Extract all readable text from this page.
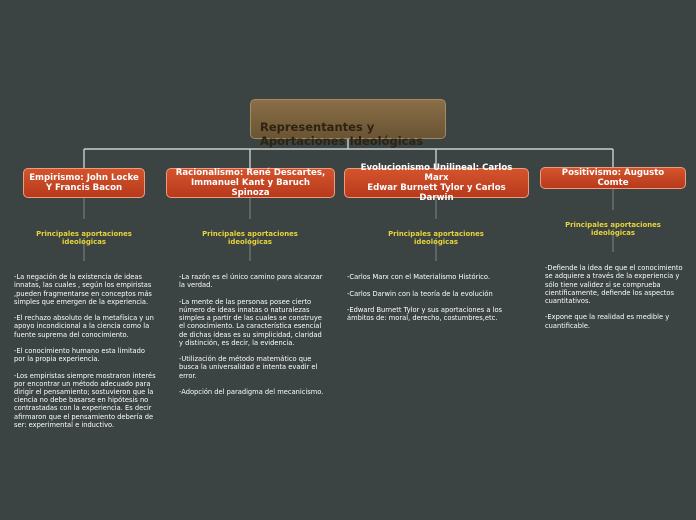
Representantes y
Aportaciones Ideológicas

Empirismo: John Locke
Y Francis Bacon

Principales aportaciones
ideológicas

-La negación de la existencia de ideas innatas, las cuales , según los empiristas ,pueden fragmentarse en conceptos más simples que emergen de la experiencia.

-El rechazo absoluto de la metafísica y un apoyo incondicional a la ciencia como la fuente suprema del conocimiento.

-El conocimiento humano esta limitado por la propia experiencia.

-Los empiristas siempre mostraron interés por encontrar un método adecuado para dirigir el pensamiento; sostuvieron que la ciencia no debe basarse en hipótesis no contrastadas con la experiencia. Es decir afirmaron que el pensamiento debería de ser: experimental e inductivo.

Racionalismo: René Descartes,
Immanuel Kant y Baruch Spinoza

Principales aportaciones
ideológicas

-La razón es el único camino para alcanzar la verdad.

-La mente de las personas posee cierto número de ideas innatas o naturalezas simples a partir de las cuales se construye el conocimiento. La característica esencial de dichas ideas es su simplicidad, claridad y distinción, es decir, la evidencia.

-Utilización de método matemático que busca la universalidad e intenta evadir el error.

-Adopción del paradigma del mecanicismo.

Evolucionismo Unilineal: Carlos Marx
Edwar Burnett Tylor y Carlos Darwin

Principales aportaciones
ideológicas

-Carlos Marx con el Materialismo Histórico.

-Carlos Darwin con la teoría de la evolución

-Edward Burnett Tylor y sus aportaciones a los ámbitos de: moral, derecho, costumbres,etc.

Positivismo: Augusto Comte

Principales aportaciones
ideológicas

-Defiende la idea de que el conocimiento se adquiere a través de la experiencia y sólo tiene validez si se comprueba científicamente, defiende los aspectos cuantitativos.

-Expone que la realidad es medible y cuantificable.
